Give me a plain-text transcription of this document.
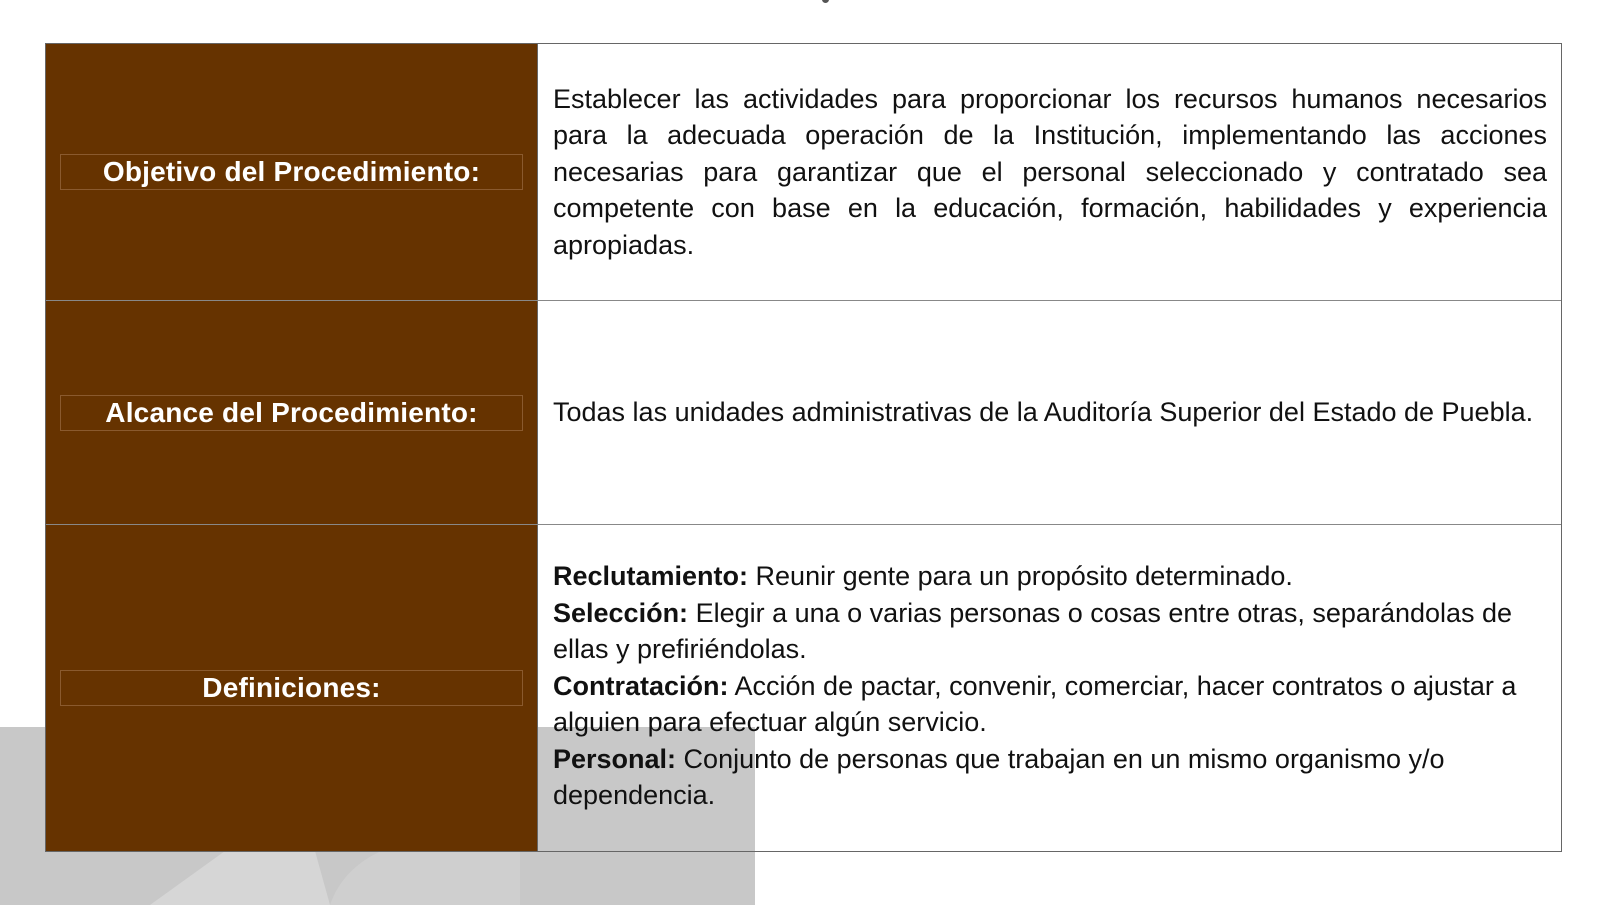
Objetivo del Procedimiento:
Establecer las actividades para proporcionar los recursos humanos necesarios para la adecuada operación de la Institución, implementando las acciones necesarias para garantizar que el personal seleccionado y contratado sea competente con base en la educación, formación, habilidades y experiencia apropiadas.
Alcance del Procedimiento:	Todas las unidades administrativas de la Auditoría Superior del Estado de Puebla.
Definiciones:
Reclutamiento: Reunir gente para un propósito determinado.
Selección: Elegir a una o varias personas o cosas entre otras, separándolas de ellas y prefiriéndolas.
Contratación: Acción de pactar, convenir, comerciar, hacer contratos o ajustar a alguien para efectuar algún servicio.
Personal: Conjunto de personas que trabajan en un mismo organismo y/o dependencia.
